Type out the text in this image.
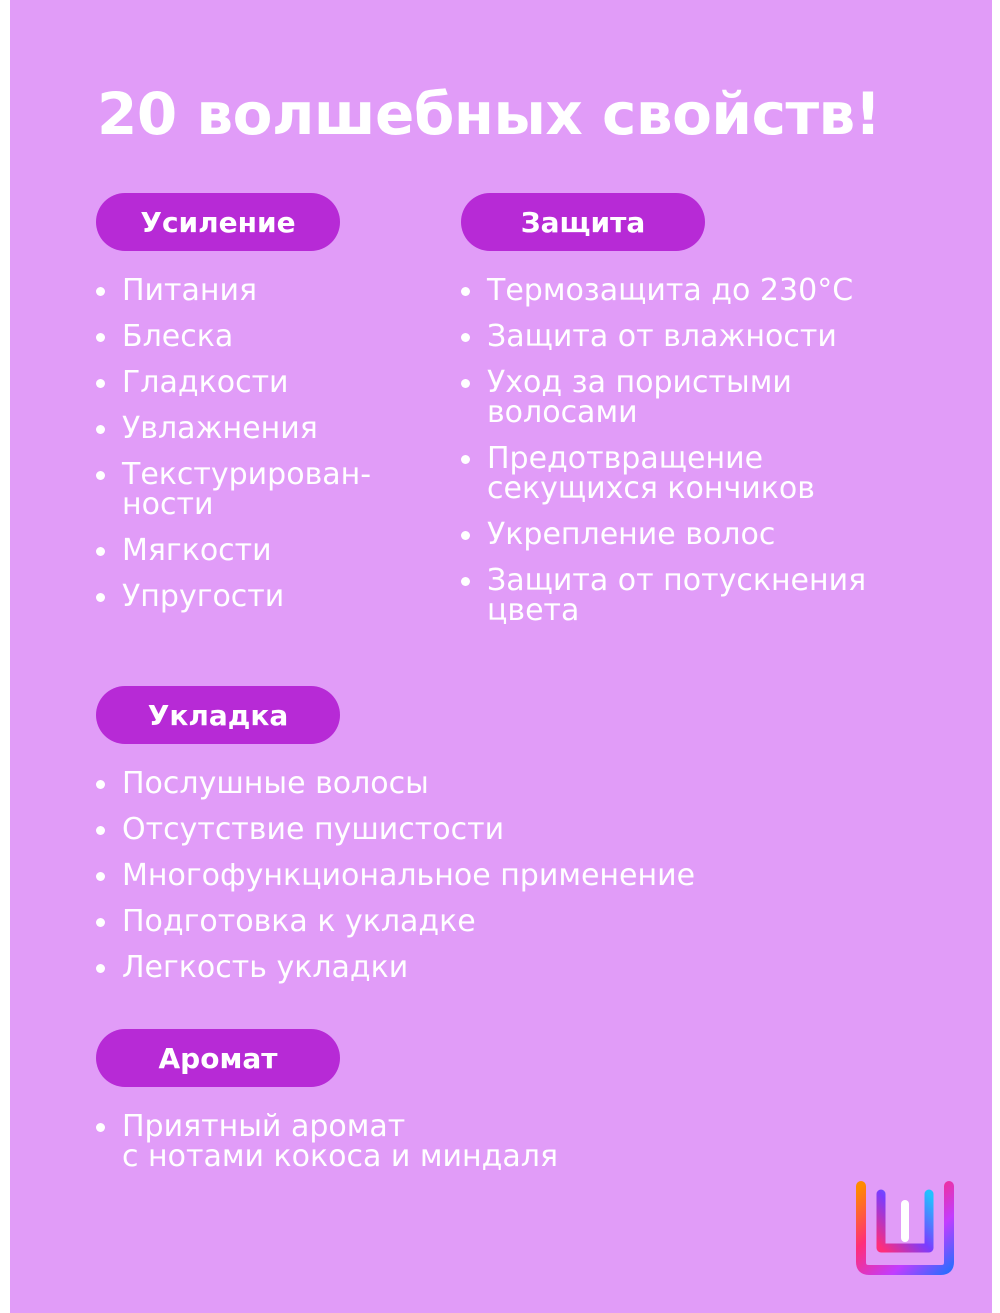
20 волшебных свойств!
Усиление
Питания
Блеска
Гладкости
Увлажнения
Текстурирован-
ности
Мягкости
Упругости
Защита
Термозащита до 230°С
Защита от влажности
Уход за пористыми
волосами
Предотвращение
секущихся кончиков
Укрепление волос
Защита от потускнения
цвета
Укладка
Послушные волосы
Отсутствие пушистости
Многофункциональное применение
Подготовка к укладке
Легкость укладки
Аромат
Приятный аромат
с нотами кокоса и миндаля
